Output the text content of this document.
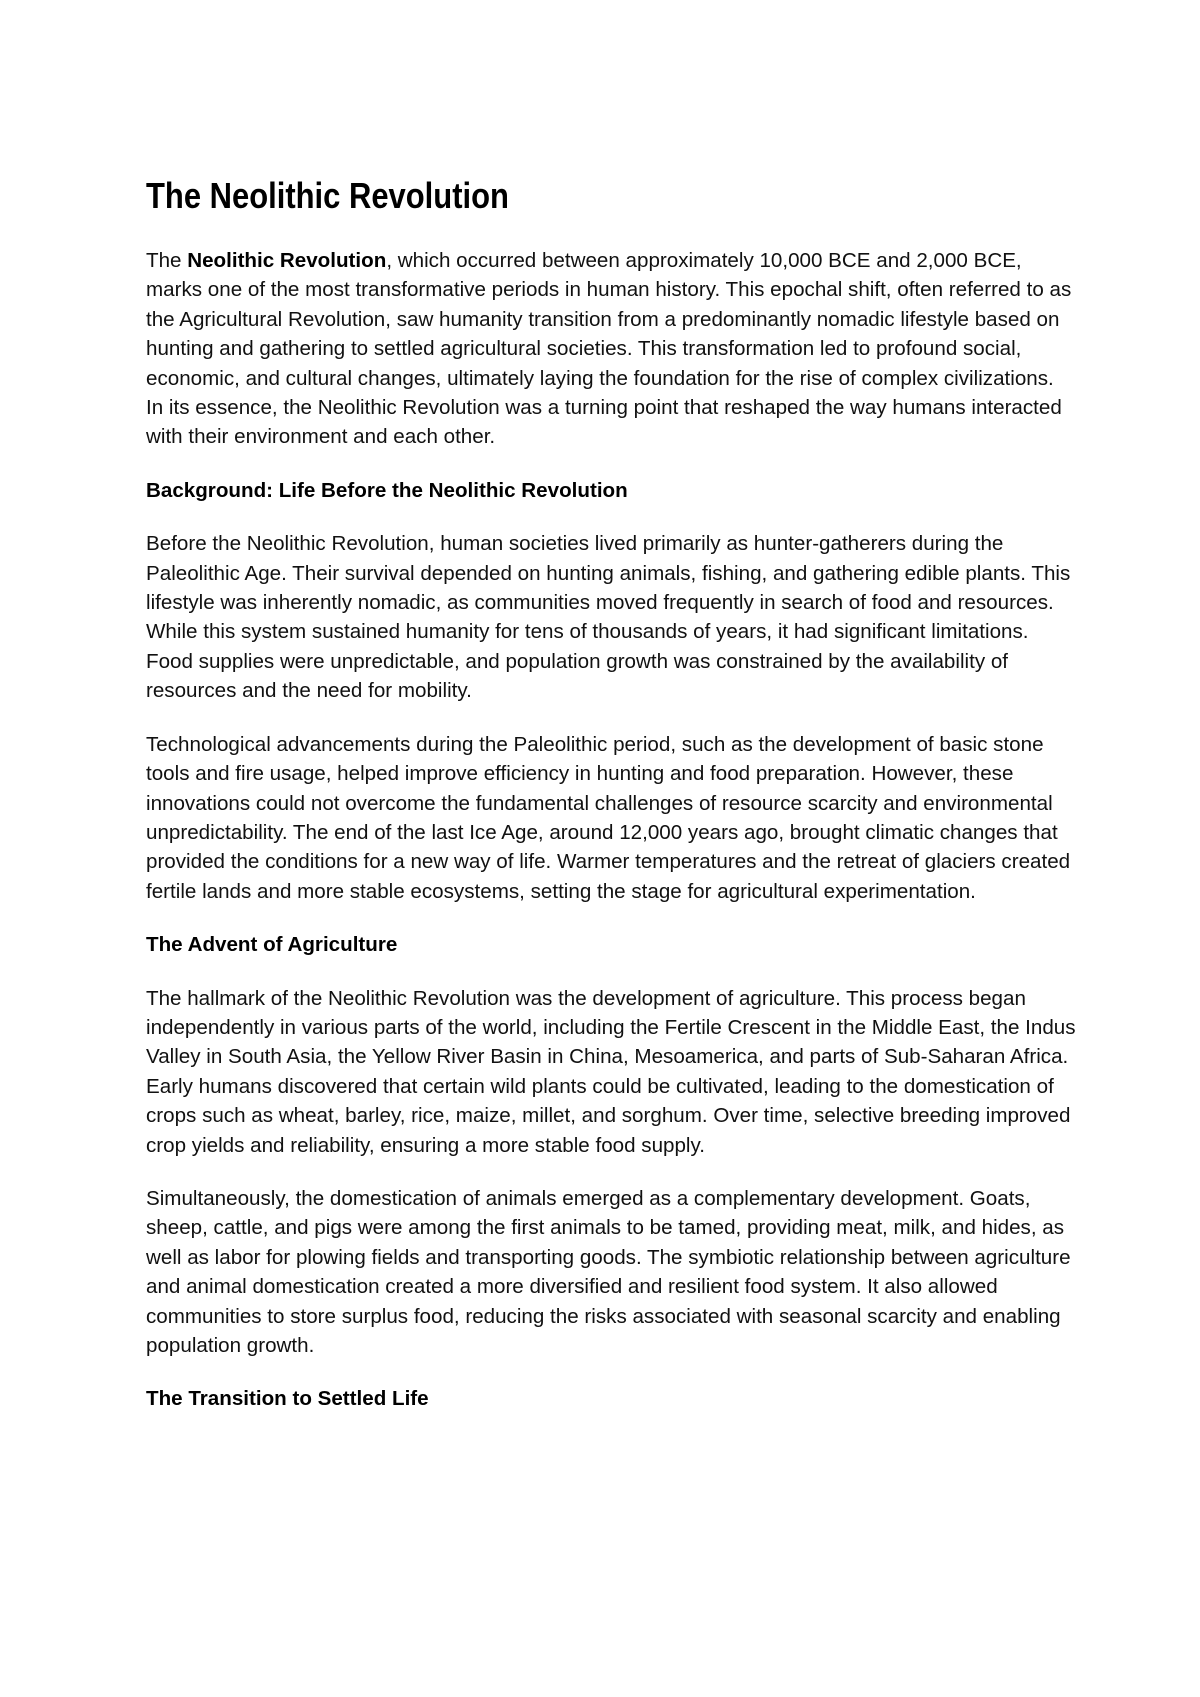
The Neolithic Revolution

The Neolithic Revolution, which occurred between approximately 10,000 BCE and 2,000 BCE, marks one of the most transformative periods in human history. This epochal shift, often referred to as the Agricultural Revolution, saw humanity transition from a predominantly nomadic lifestyle based on hunting and gathering to settled agricultural societies. This transformation led to profound social, economic, and cultural changes, ultimately laying the foundation for the rise of complex civilizations. In its essence, the Neolithic Revolution was a turning point that reshaped the way humans interacted with their environment and each other.

Background: Life Before the Neolithic Revolution

Before the Neolithic Revolution, human societies lived primarily as hunter-gatherers during the Paleolithic Age. Their survival depended on hunting animals, fishing, and gathering edible plants. This lifestyle was inherently nomadic, as communities moved frequently in search of food and resources. While this system sustained humanity for tens of thousands of years, it had significant limitations. Food supplies were unpredictable, and population growth was constrained by the availability of resources and the need for mobility.

Technological advancements during the Paleolithic period, such as the development of basic stone tools and fire usage, helped improve efficiency in hunting and food preparation. However, these innovations could not overcome the fundamental challenges of resource scarcity and environmental unpredictability. The end of the last Ice Age, around 12,000 years ago, brought climatic changes that provided the conditions for a new way of life. Warmer temperatures and the retreat of glaciers created fertile lands and more stable ecosystems, setting the stage for agricultural experimentation.

The Advent of Agriculture

The hallmark of the Neolithic Revolution was the development of agriculture. This process began independently in various parts of the world, including the Fertile Crescent in the Middle East, the Indus Valley in South Asia, the Yellow River Basin in China, Mesoamerica, and parts of Sub-Saharan Africa. Early humans discovered that certain wild plants could be cultivated, leading to the domestication of crops such as wheat, barley, rice, maize, millet, and sorghum. Over time, selective breeding improved crop yields and reliability, ensuring a more stable food supply.

Simultaneously, the domestication of animals emerged as a complementary development. Goats, sheep, cattle, and pigs were among the first animals to be tamed, providing meat, milk, and hides, as well as labor for plowing fields and transporting goods. The symbiotic relationship between agriculture and animal domestication created a more diversified and resilient food system. It also allowed communities to store surplus food, reducing the risks associated with seasonal scarcity and enabling population growth.

The Transition to Settled Life
